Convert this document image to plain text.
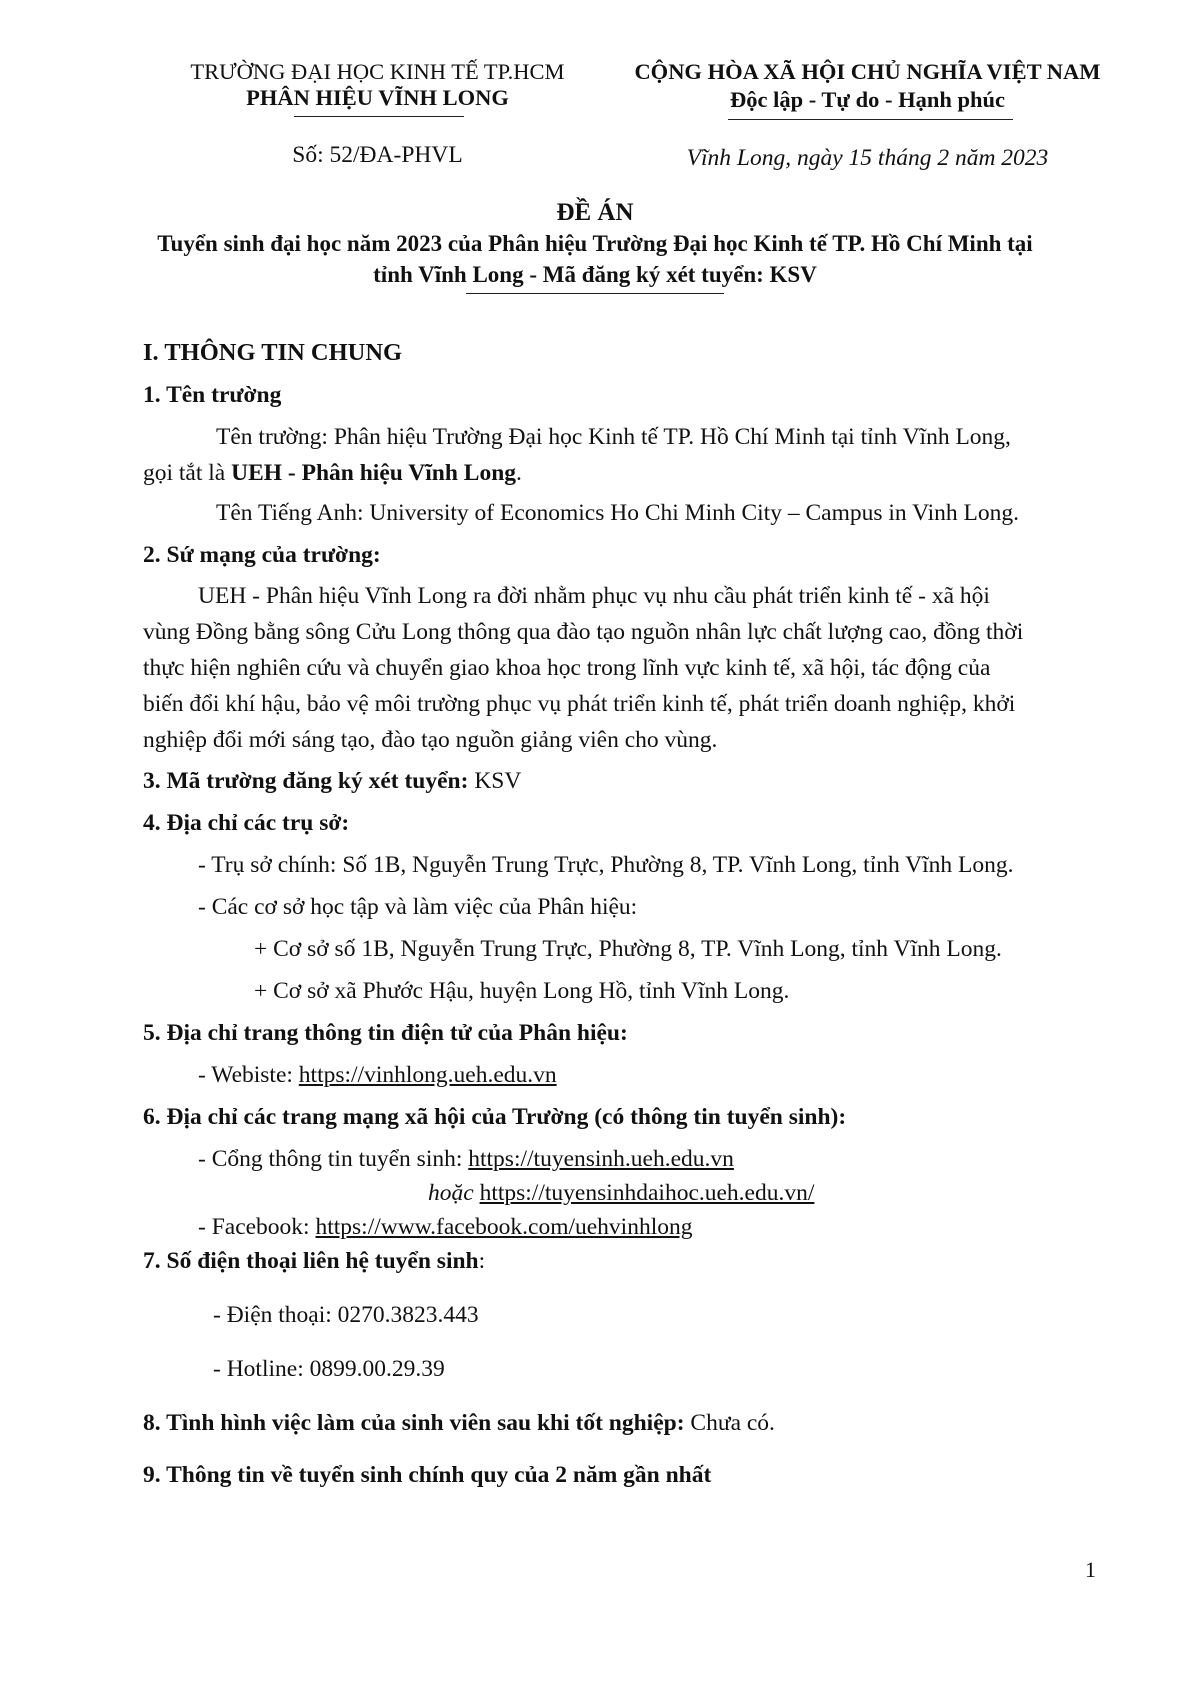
TRƯỜNG ĐẠI HỌC KINH TẾ TP.HCM
PHÂN HIỆU VĨNH LONG
CỘNG HÒA XÃ HỘI CHỦ NGHĨA VIỆT NAM
Độc lập - Tự do - Hạnh phúc
Số: 52/ĐA-PHVL	Vĩnh Long, ngày 15 tháng 2 năm 2023
ĐỀ ÁN
Tuyển sinh đại học năm 2023 của Phân hiệu Trường Đại học Kinh tế TP. Hồ Chí Minh tại
tỉnh Vĩnh Long - Mã đăng ký xét tuyển: KSV
I. THÔNG TIN CHUNG
1. Tên trường
Tên trường: Phân hiệu Trường Đại học Kinh tế TP. Hồ Chí Minh tại tỉnh Vĩnh Long,
gọi tắt là UEH - Phân hiệu Vĩnh Long.
Tên Tiếng Anh: University of Economics Ho Chi Minh City – Campus in Vinh Long.
2. Sứ mạng của trường:
UEH - Phân hiệu Vĩnh Long ra đời nhằm phục vụ nhu cầu phát triển kinh tế - xã hội
vùng Đồng bằng sông Cửu Long thông qua đào tạo nguồn nhân lực chất lượng cao, đồng thời
thực hiện nghiên cứu và chuyển giao khoa học trong lĩnh vực kinh tế, xã hội, tác động của
biến đổi khí hậu, bảo vệ môi trường phục vụ phát triển kinh tế, phát triển doanh nghiệp, khởi
nghiệp đổi mới sáng tạo, đào tạo nguồn giảng viên cho vùng.
3. Mã trường đăng ký xét tuyển: KSV
4. Địa chỉ các trụ sở:
- Trụ sở chính: Số 1B, Nguyễn Trung Trực, Phường 8, TP. Vĩnh Long, tỉnh Vĩnh Long.
- Các cơ sở học tập và làm việc của Phân hiệu:
+ Cơ sở số 1B, Nguyễn Trung Trực, Phường 8, TP. Vĩnh Long, tỉnh Vĩnh Long.
+ Cơ sở xã Phước Hậu, huyện Long Hồ, tỉnh Vĩnh Long.
5. Địa chỉ trang thông tin điện tử của Phân hiệu:
- Webiste: https://vinhlong.ueh.edu.vn
6. Địa chỉ các trang mạng xã hội của Trường (có thông tin tuyển sinh):
- Cổng thông tin tuyển sinh: https://tuyensinh.ueh.edu.vn
hoặc https://tuyensinhdaihoc.ueh.edu.vn/
- Facebook: https://www.facebook.com/uehvinhlong
7. Số điện thoại liên hệ tuyển sinh:
- Điện thoại: 0270.3823.443
- Hotline: 0899.00.29.39
8. Tình hình việc làm của sinh viên sau khi tốt nghiệp: Chưa có.
9. Thông tin về tuyển sinh chính quy của 2 năm gần nhất
1
